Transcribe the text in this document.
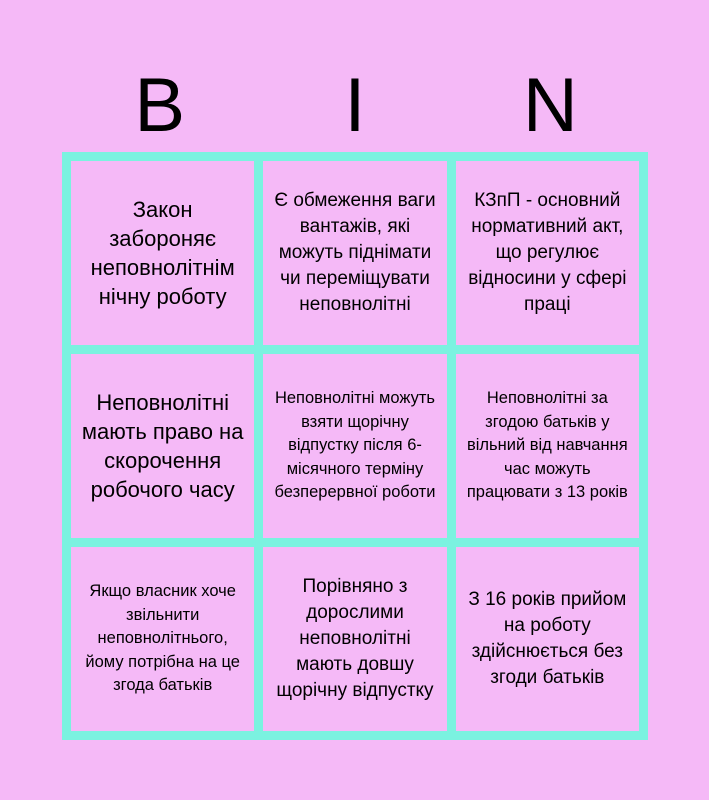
B	I	N
Закон забороняє неповнолітнім нічну роботу
Є обмеження ваги вантажів, які можуть піднімати чи переміщувати неповнолітні
КЗпП - основний нормативний акт, що регулює відносини у сфері праці
Неповнолітні мають право на скорочення робочого часу
Неповнолітні можуть взяти щорічну відпустку після 6-місячного терміну безперервної роботи
Неповнолітні за згодою батьків у вільний від навчання час можуть працювати з 13 років
Якщо власник хоче звільнити неповнолітнього, йому потрібна на це згода батьків
Порівняно з дорослими неповнолітні мають довшу щорічну відпустку
З 16 років прийом на роботу здійснюється без згоди батьків
